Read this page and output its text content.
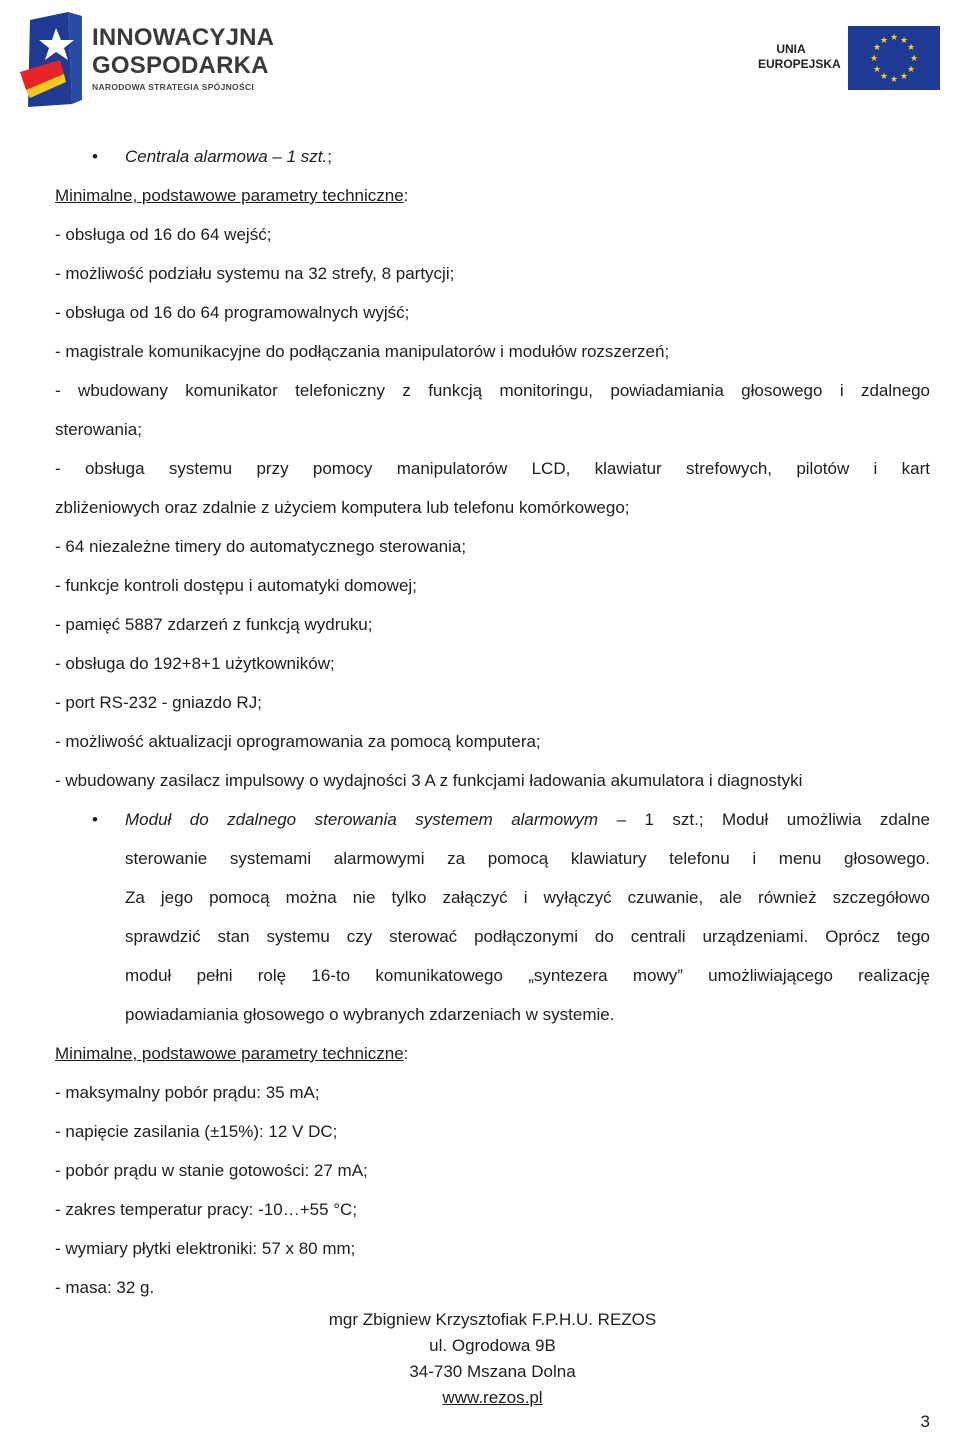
INNOWACYJNA
GOSPODARKA
NARODOWA STRATEGIA SPÓJNOŚCI
UNIA
EUROPEJSKA
★ ★
★
★
★
★
★
★
★
★
★
★
• Centrala alarmowa – 1 szt.;
Minimalne, podstawowe parametry techniczne:
- obsługa od 16 do 64 wejść;
- możliwość podziału systemu na 32 strefy, 8 partycji;
- obsługa od 16 do 64 programowalnych wyjść;
- magistrale komunikacyjne do podłączania manipulatorów i modułów rozszerzeń;
- wbudowany komunikator telefoniczny z funkcją monitoringu, powiadamiania głosowego i zdalnego
sterowania;
- obsługa systemu przy pomocy manipulatorów LCD, klawiatur strefowych, pilotów i kart
zbliżeniowych oraz zdalnie z użyciem komputera lub telefonu komórkowego;
- 64 niezależne timery do automatycznego sterowania;
- funkcje kontroli dostępu i automatyki domowej;
- pamięć 5887 zdarzeń z funkcją wydruku;
- obsługa do 192+8+1 użytkowników;
- port RS-232 - gniazdo RJ;
- możliwość aktualizacji oprogramowania za pomocą komputera;
- wbudowany zasilacz impulsowy o wydajności 3 A z funkcjami ładowania akumulatora i diagnostyki
• Moduł do zdalnego sterowania systemem alarmowym – 1 szt.; Moduł umożliwia zdalne
sterowanie systemami alarmowymi za pomocą klawiatury telefonu i menu głosowego.
Za jego pomocą można nie tylko załączyć i wyłączyć czuwanie, ale również szczegółowo
sprawdzić stan systemu czy sterować podłączonymi do centrali urządzeniami. Oprócz tego
moduł pełni rolę 16-to komunikatowego „syntezera mowy” umożliwiającego realizację
powiadamiania głosowego o wybranych zdarzeniach w systemie.
Minimalne, podstawowe parametry techniczne:
- maksymalny pobór prądu: 35 mA;
- napięcie zasilania (±15%): 12 V DC;
- pobór prądu w stanie gotowości: 27 mA;
- zakres temperatur pracy: -10…+55 °C;
- wymiary płytki elektroniki: 57 x 80 mm;
- masa: 32 g.
mgr Zbigniew Krzysztofiak F.P.H.U. REZOS
ul. Ogrodowa 9B
34-730 Mszana Dolna
www.rezos.pl
3
